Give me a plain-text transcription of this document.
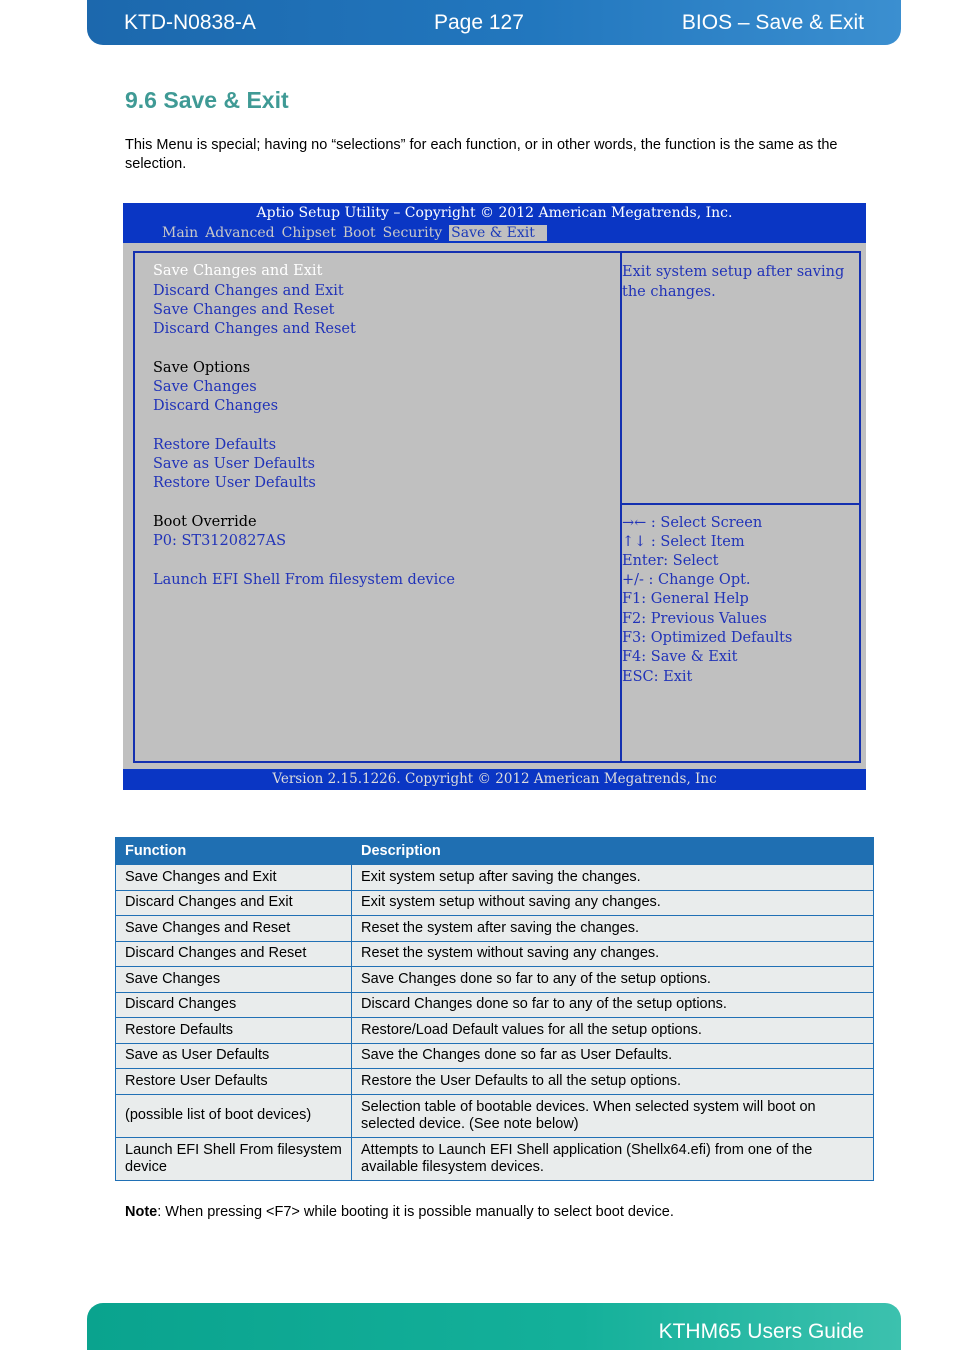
KTD-N0838-A	Page 127	BIOS – Save & Exit
9.6 Save & Exit
This Menu is special; having no “selections” for each function, or in other words, the function is the same as the selection.
Aptio Setup Utility – Copyright © 2012 American Megatrends, Inc.
Main Advanced Chipset Boot Security Save & Exit
Save Changes and Exit
Discard Changes and Exit
Save Changes and Reset
Discard Changes and Reset
Save Options
Save Changes
Discard Changes
Restore Defaults
Save as User Defaults
Restore User Defaults
Boot Override
P0: ST3120827AS
Launch EFI Shell From filesystem device
Exit system setup after saving the changes.
→← : Select Screen
↑↓ : Select Item
Enter: Select
+/- : Change Opt.
F1: General Help
F2: Previous Values
F3: Optimized Defaults
F4: Save & Exit
ESC: Exit
Version 2.15.1226. Copyright © 2012 American Megatrends, Inc
Function	Description
Save Changes and Exit	Exit system setup after saving the changes.
Discard Changes and Exit	Exit system setup without saving any changes.
Save Changes and Reset	Reset the system after saving the changes.
Discard Changes and Reset	Reset the system without saving any changes.
Save Changes	Save Changes done so far to any of the setup options.
Discard Changes	Discard Changes done so far to any of the setup options.
Restore Defaults	Restore/Load Default values for all the setup options.
Save as User Defaults	Save the Changes done so far as User Defaults.
Restore User Defaults	Restore the User Defaults to all the setup options.
(possible list of boot devices)	Selection table of bootable devices. When selected system will boot on selected device. (See note below)
Launch EFI Shell From filesystem device	Attempts to Launch EFI Shell application (Shellx64.efi) from one of the available filesystem devices.
Note: When pressing <F7> while booting it is possible manually to select boot device.
KTHM65 Users Guide
